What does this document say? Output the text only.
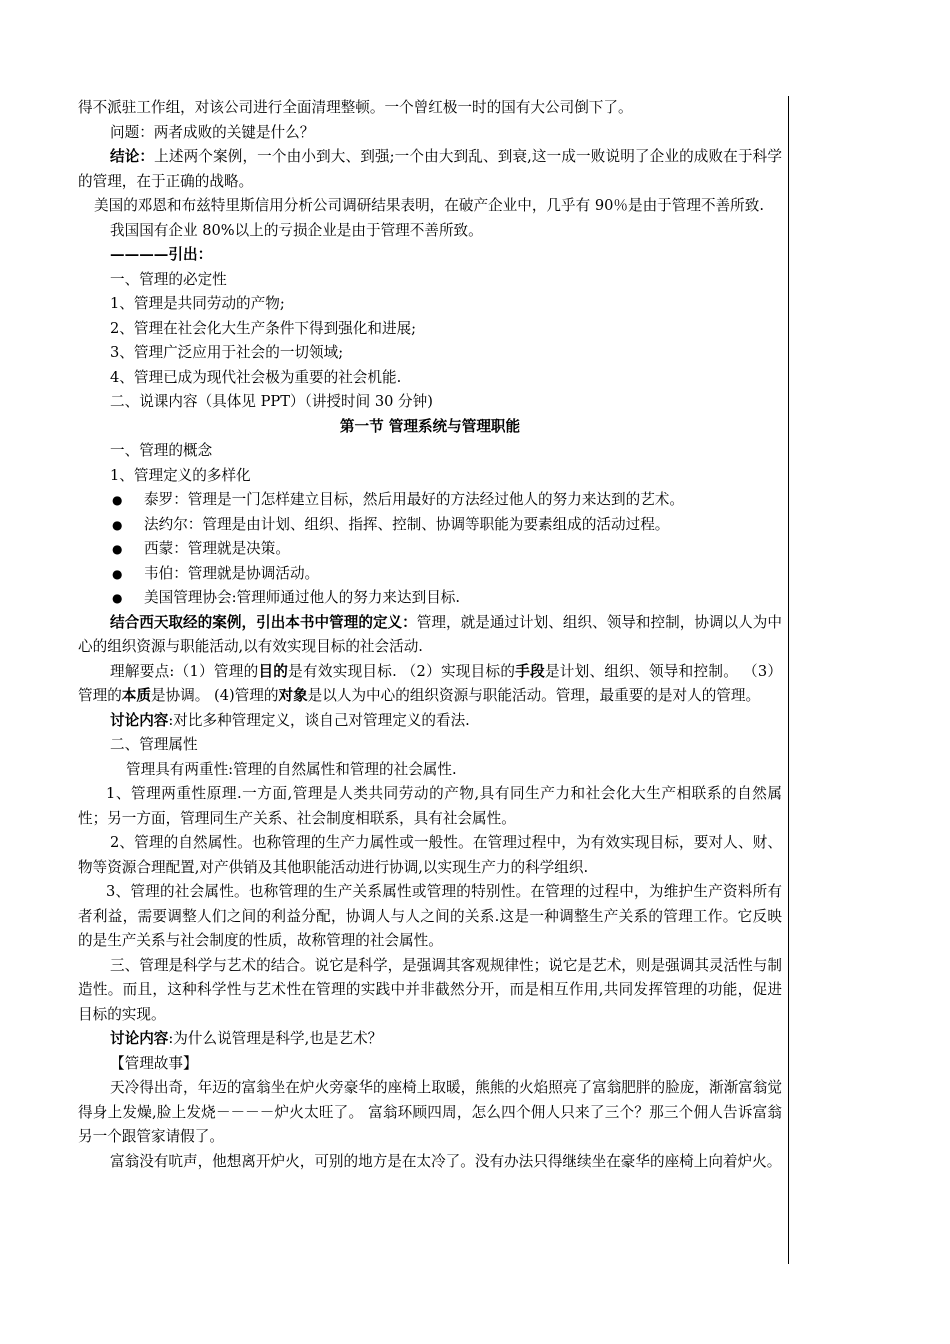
得不派驻工作组，对该公司进行全面清理整顿。一个曾红极一时的国有大公司倒下了。

问题：两者成败的关键是什么？

结论：上述两个案例，一个由小到大、到强;一个由大到乱、到衰,这一成一败说明了企业的成败在于科学的管理，在于正确的战略。

美国的邓恩和布兹特里斯信用分析公司调研结果表明，在破产企业中，几乎有 90％是由于管理不善所致.

我国国有企业 80%以上的亏损企业是由于管理不善所致。

————引出：

一、管理的必定性

1、管理是共同劳动的产物;

2、管理在社会化大生产条件下得到强化和进展;

3、管理广泛应用于社会的一切领域;

4、管理已成为现代社会极为重要的社会机能.

二、说课内容（具体见 PPT）（讲授时间 30 分钟)

第一节 管理系统与管理职能

一、管理的概念

1、管理定义的多样化

● 泰罗：管理是一门怎样建立目标，然后用最好的方法经过他人的努力来达到的艺术。

● 法约尔：管理是由计划、组织、指挥、控制、协调等职能为要素组成的活动过程。

● 西蒙：管理就是决策。

● 韦伯：管理就是协调活动。

● 美国管理协会:管理师通过他人的努力来达到目标.

结合西天取经的案例，引出本书中管理的定义：管理，就是通过计划、组织、领导和控制，协调以人为中心的组织资源与职能活动,以有效实现目标的社会活动.

理解要点:（1）管理的目的是有效实现目标. （2）实现目标的手段是计划、组织、领导和控制。 （3）管理的本质是协调。 (4)管理的对象是以人为中心的组织资源与职能活动。管理，最重要的是对人的管理。

讨论内容:对比多种管理定义，谈自己对管理定义的看法.

二、管理属性

管理具有两重性:管理的自然属性和管理的社会属性.

1、管理两重性原理.一方面,管理是人类共同劳动的产物,具有同生产力和社会化大生产相联系的自然属性；另一方面，管理同生产关系、社会制度相联系，具有社会属性。

2、管理的自然属性。也称管理的生产力属性或一般性。在管理过程中，为有效实现目标，要对人、财、物等资源合理配置,对产供销及其他职能活动进行协调,以实现生产力的科学组织.

3、管理的社会属性。也称管理的生产关系属性或管理的特别性。在管理的过程中，为维护生产资料所有者利益，需要调整人们之间的利益分配，协调人与人之间的关系.这是一种调整生产关系的管理工作。它反映的是生产关系与社会制度的性质，故称管理的社会属性。

三、管理是科学与艺术的结合。说它是科学，是强调其客观规律性；说它是艺术，则是强调其灵活性与制造性。而且，这种科学性与艺术性在管理的实践中并非截然分开，而是相互作用,共同发挥管理的功能，促进目标的实现。

讨论内容:为什么说管理是科学,也是艺术？

【管理故事】

天冷得出奇，年迈的富翁坐在炉火旁豪华的座椅上取暖，熊熊的火焰照亮了富翁肥胖的脸庞，渐渐富翁觉得身上发燥,脸上发烧－－－－炉火太旺了。 富翁环顾四周，怎么四个佣人只来了三个？那三个佣人告诉富翁另一个跟管家请假了。

富翁没有吭声，他想离开炉火，可别的地方是在太冷了。没有办法只得继续坐在豪华的座椅上向着炉火。
